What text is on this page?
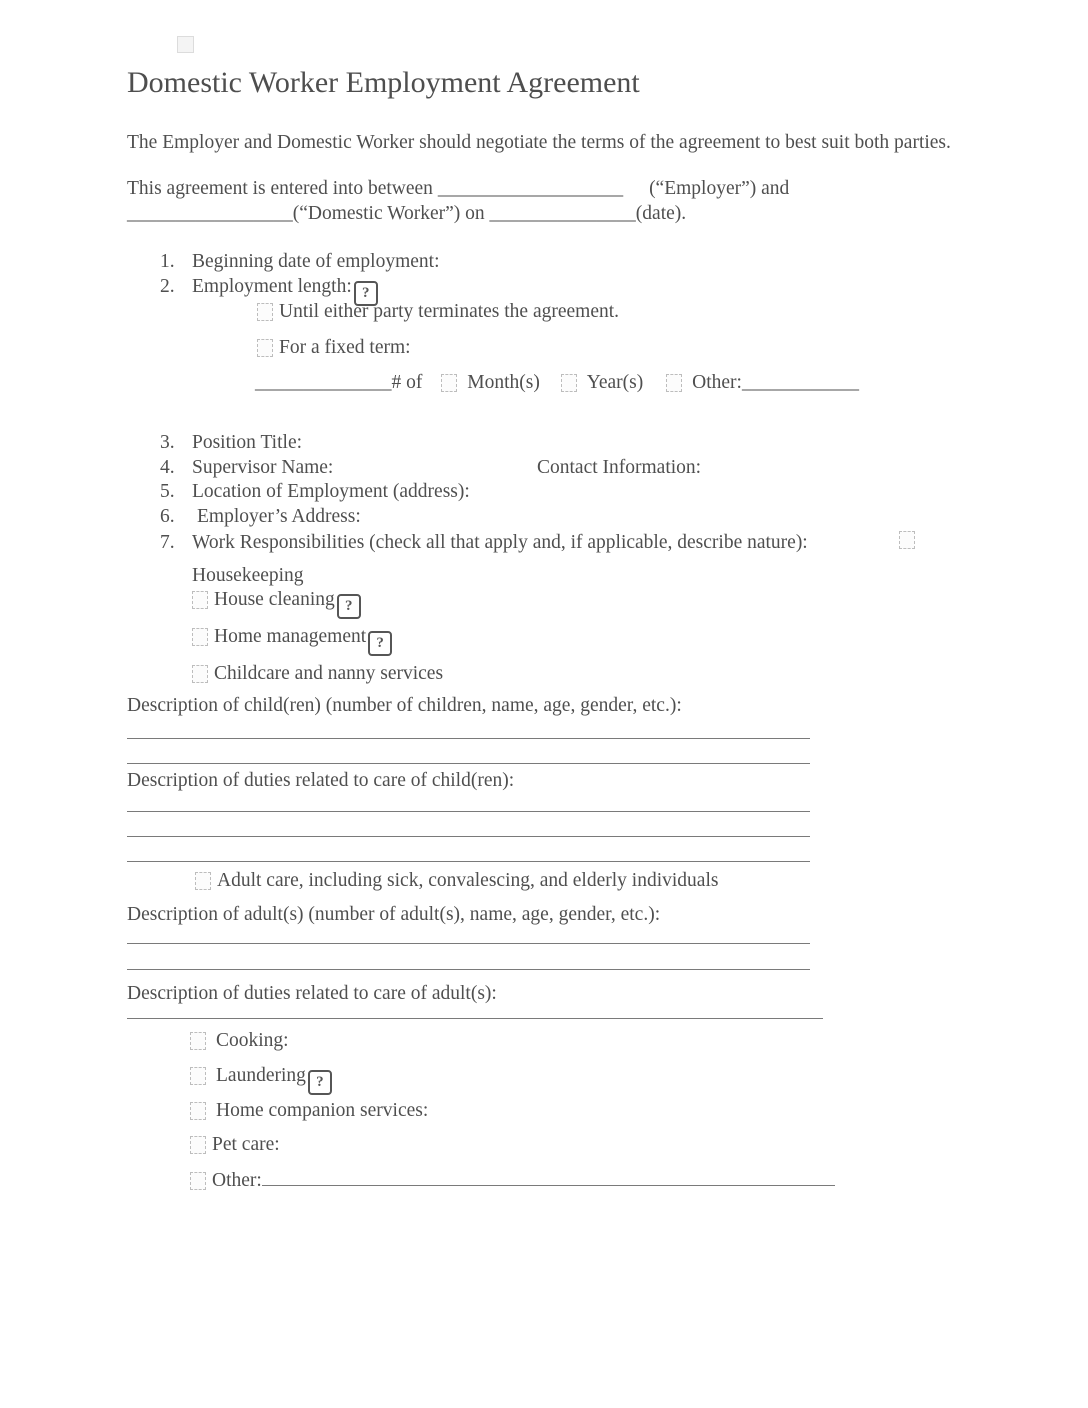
Domestic Worker Employment Agreement
The Employer and Domestic Worker should negotiate the terms of the agreement to best suit both parties.
This agreement is entered into between ___________________ (“Employer”) and
_________________(“Domestic Worker”) on _______________(date).
1. Beginning date of employment:
2. Employment length: ?
Until either party terminates the agreement.
For a fixed term:
______________# of Month(s) Year(s)	Other:____________
3. Position Title:
4. Supervisor Name:	Contact Information:
5. Location of Employment (address):
6. Employer’s Address:
7. Work Responsibilities (check all that apply and, if applicable, describe nature):
Housekeeping
House cleaning ?
Home management ?
Childcare and nanny services
Description of child(ren) (number of children, name, age, gender, etc.):
Description of duties related to care of child(ren):
Adult care, including sick, convalescing, and elderly individuals
Description of adult(s) (number of adult(s), name, age, gender, etc.):
Description of duties related to care of adult(s):
Cooking:
Laundering ?
Home companion services:
Pet care:
Other:
